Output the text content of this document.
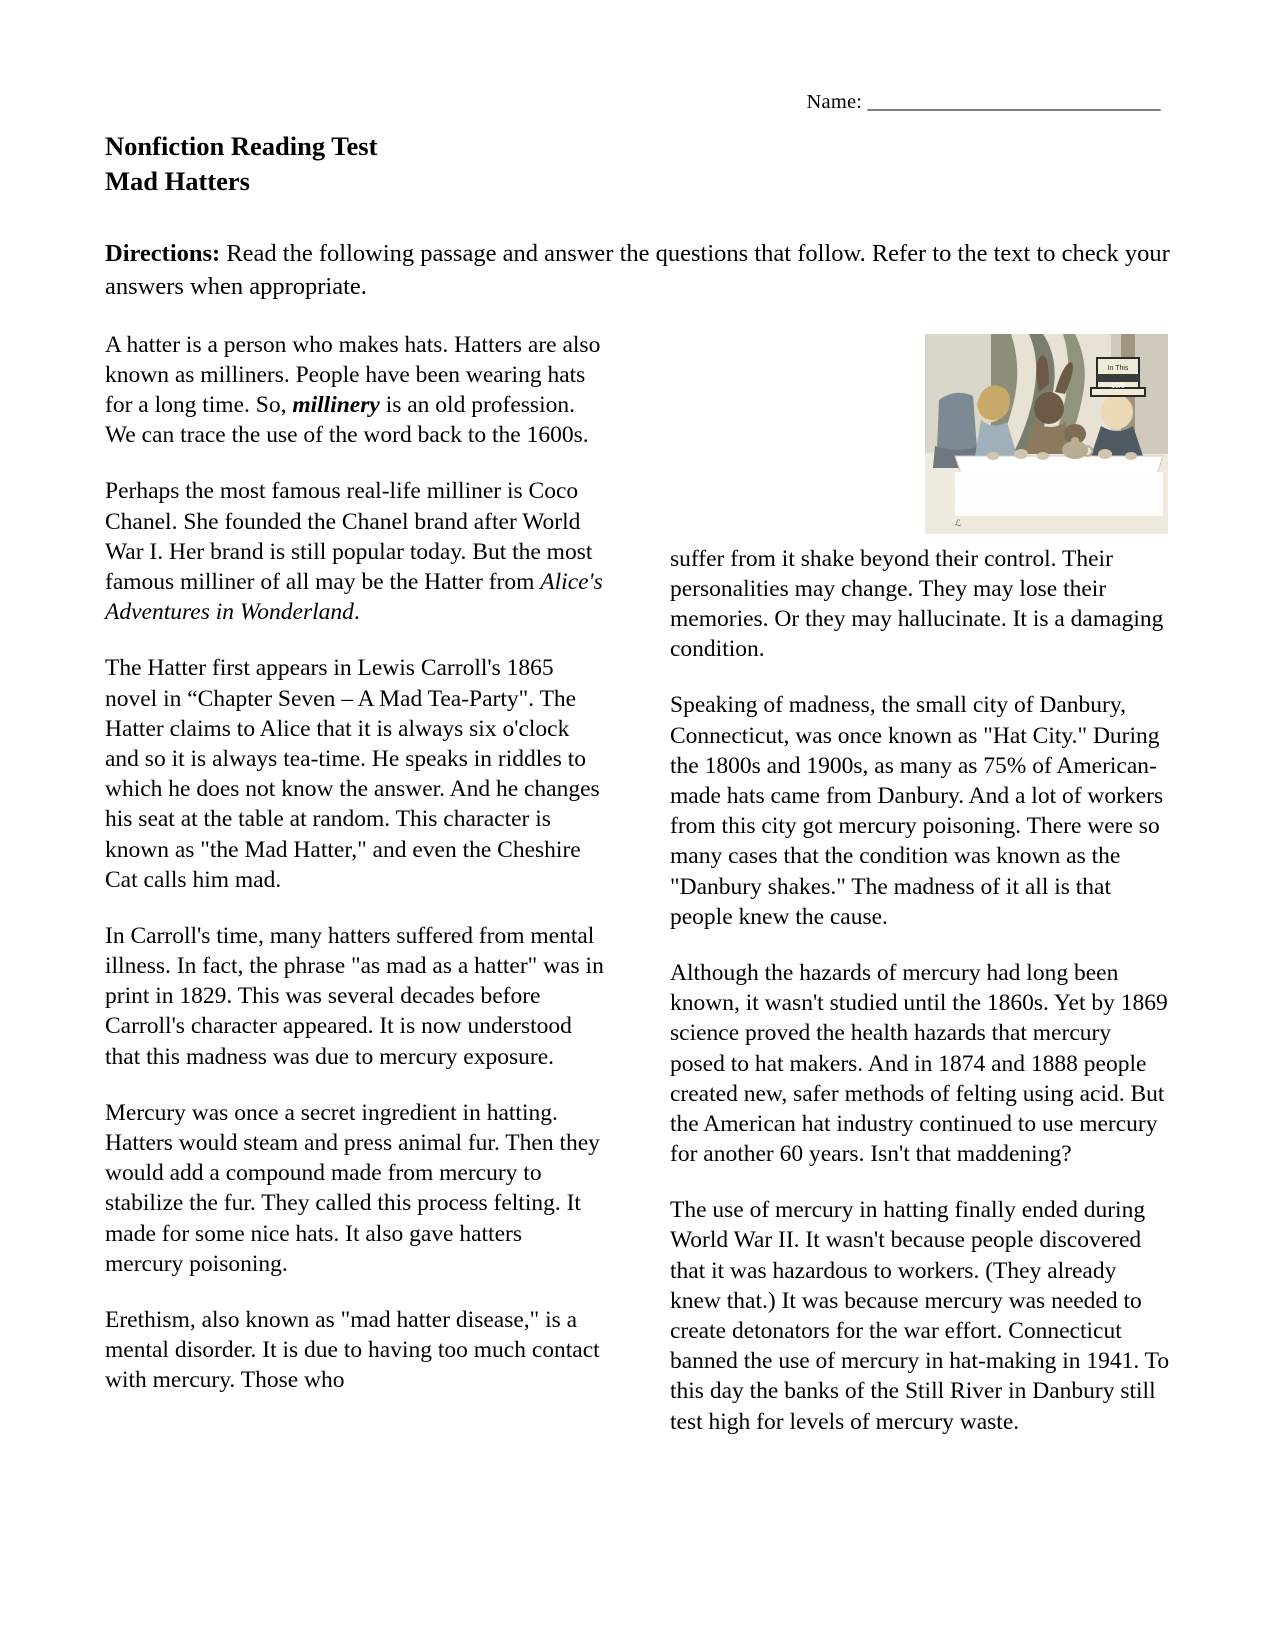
Name: ______________________________
Nonfiction Reading Test
Mad Hatters
Directions: Read the following passage and answer the questions that follow. Refer to the text to check your answers when appropriate.
In This
10/6
ℒ

A hatter is a person who makes hats. Hatters are also known as milliners. People have been wearing hats for a long time. So, millinery is an old profession. We can trace the use of the word back to the 1600s.

Perhaps the most famous real-life milliner is Coco Chanel. She founded the Chanel brand after World War I. Her brand is still popular today. But the most famous milliner of all may be the Hatter from Alice's Adventures in Wonderland.

The Hatter first appears in Lewis Carroll's 1865 novel in “Chapter Seven – A Mad Tea-Party". The Hatter claims to Alice that it is always six o'clock and so it is always tea-time. He speaks in riddles to which he does not know the answer. And he changes his seat at the table at random. This character is known as "the Mad Hatter," and even the Cheshire Cat calls him mad.

In Carroll's time, many hatters suffered from mental illness. In fact, the phrase "as mad as a hatter" was in print in 1829. This was several decades before Carroll's character appeared. It is now understood that this madness was due to mercury exposure.

Mercury was once a secret ingredient in hatting. Hatters would steam and press animal fur. Then they would add a compound made from mercury to stabilize the fur. They called this process felting. It made for some nice hats. It also gave hatters mercury poisoning.

Erethism, also known as "mad hatter disease," is a mental disorder. It is due to having too much contact with mercury. Those who

suffer from it shake beyond their control. Their personalities may change. They may lose their memories. Or they may hallucinate. It is a damaging condition.

Speaking of madness, the small city of Danbury, Connecticut, was once known as "Hat City." During the 1800s and 1900s, as many as 75% of American-made hats came from Danbury. And a lot of workers from this city got mercury poisoning. There were so many cases that the condition was known as the "Danbury shakes." The madness of it all is that people knew the cause.

Although the hazards of mercury had long been known, it wasn't studied until the 1860s. Yet by 1869 science proved the health hazards that mercury posed to hat makers. And in 1874 and 1888 people created new, safer methods of felting using acid. But the American hat industry continued to use mercury for another 60 years. Isn't that maddening?

The use of mercury in hatting finally ended during World War II. It wasn't because people discovered that it was hazardous to workers. (They already knew that.) It was because mercury was needed to create detonators for the war effort. Connecticut banned the use of mercury in hat-making in 1941. To this day the banks of the Still River in Danbury still test high for levels of mercury waste.
